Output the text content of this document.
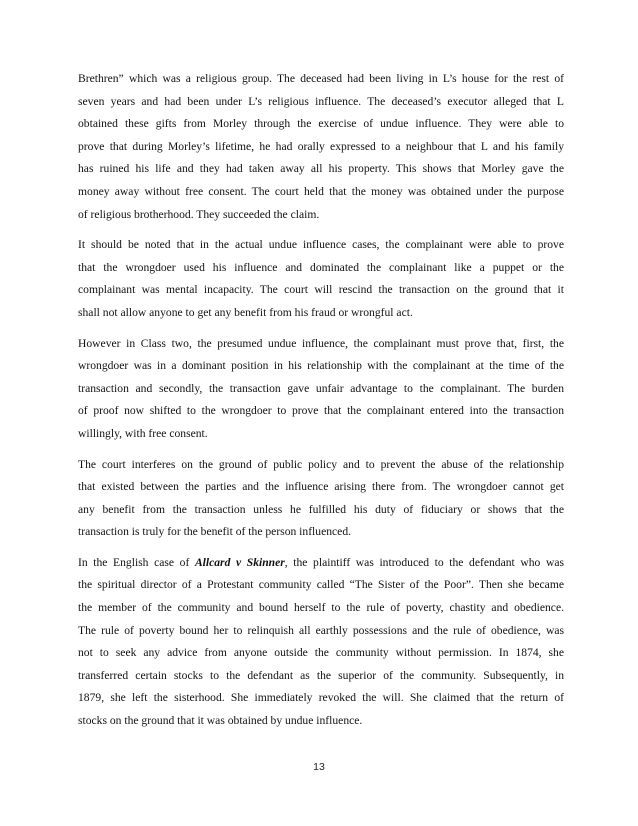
Brethren” which was a religious group. The deceased had been living in L’s house for the rest of
seven years and had been under L’s religious influence. The deceased’s executor alleged that L
obtained these gifts from Morley through the exercise of undue influence. They were able to
prove that during Morley’s lifetime, he had orally expressed to a neighbour that L and his family
has ruined his life and they had taken away all his property. This shows that Morley gave the
money away without free consent. The court held that the money was obtained under the purpose
of religious brotherhood. They succeeded the claim.

It should be noted that in the actual undue influence cases, the complainant were able to prove
that the wrongdoer used his influence and dominated the complainant like a puppet or the
complainant was mental incapacity. The court will rescind the transaction on the ground that it
shall not allow anyone to get any benefit from his fraud or wrongful act.

However in Class two, the presumed undue influence, the complainant must prove that, first, the
wrongdoer was in a dominant position in his relationship with the complainant at the time of the
transaction and secondly, the transaction gave unfair advantage to the complainant. The burden
of proof now shifted to the wrongdoer to prove that the complainant entered into the transaction
willingly, with free consent.

The court interferes on the ground of public policy and to prevent the abuse of the relationship
that existed between the parties and the influence arising there from. The wrongdoer cannot get
any benefit from the transaction unless he fulfilled his duty of fiduciary or shows that the
transaction is truly for the benefit of the person influenced.

In the English case of Allcard v Skinner, the plaintiff was introduced to the defendant who was
the spiritual director of a Protestant community called “The Sister of the Poor”. Then she became
the member of the community and bound herself to the rule of poverty, chastity and obedience.
The rule of poverty bound her to relinquish all earthly possessions and the rule of obedience, was
not to seek any advice from anyone outside the community without permission. In 1874, she
transferred certain stocks to the defendant as the superior of the community. Subsequently, in
1879, she left the sisterhood. She immediately revoked the will. She claimed that the return of
stocks on the ground that it was obtained by undue influence.

13
